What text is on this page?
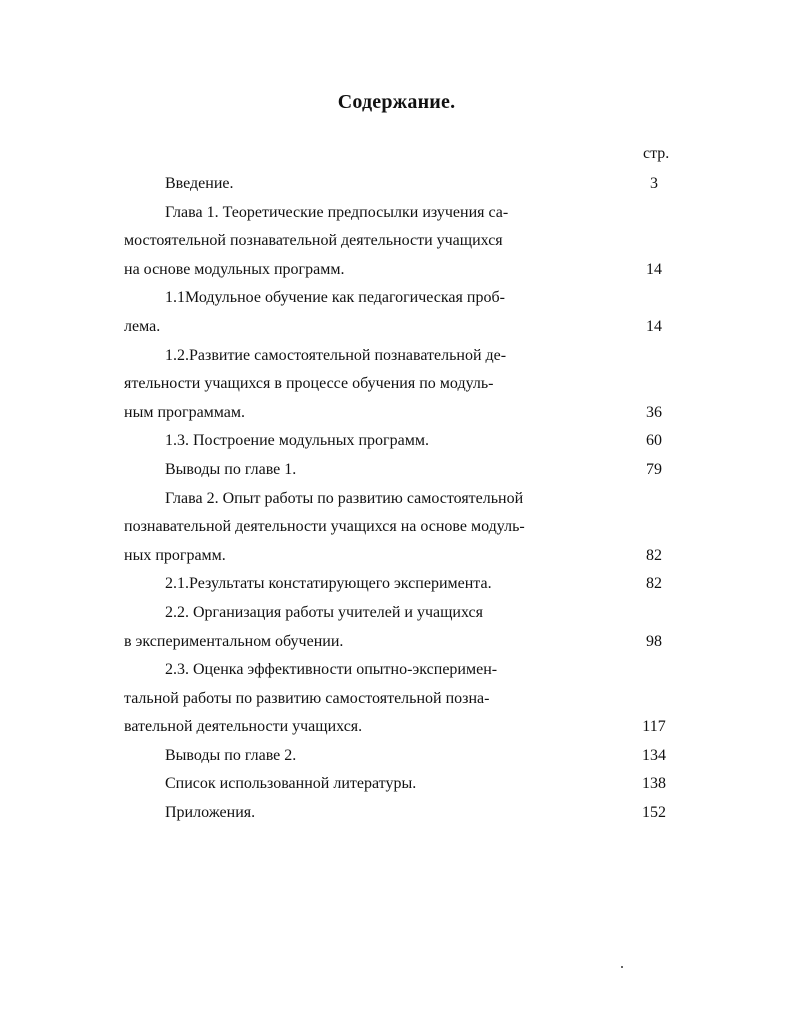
Содержание.
стр.
Введение.	3
Глава 1. Теоретические предпосылки изучения са-
мостоятельной познавательной деятельности учащихся
на основе модульных программ.	14
1.1Модульное обучение как педагогическая проб-
лема.	14
1.2.Развитие самостоятельной познавательной де-
ятельности учащихся в процессе обучения по модуль-
ным программам.	36
1.3. Построение модульных программ.	60
Выводы по главе 1.	79
Глава 2. Опыт работы по развитию самостоятельной
познавательной деятельности учащихся на основе модуль-
ных программ.	82
2.1.Результаты констатирующего эксперимента.	82
2.2. Организация работы учителей и учащихся
в экспериментальном обучении.	98
2.3. Оценка эффективности опытно-эксперимен-
тальной работы по развитию самостоятельной позна-
вательной деятельности учащихся.	117
Выводы по главе 2.	134
Список использованной литературы.	138
Приложения.	152
